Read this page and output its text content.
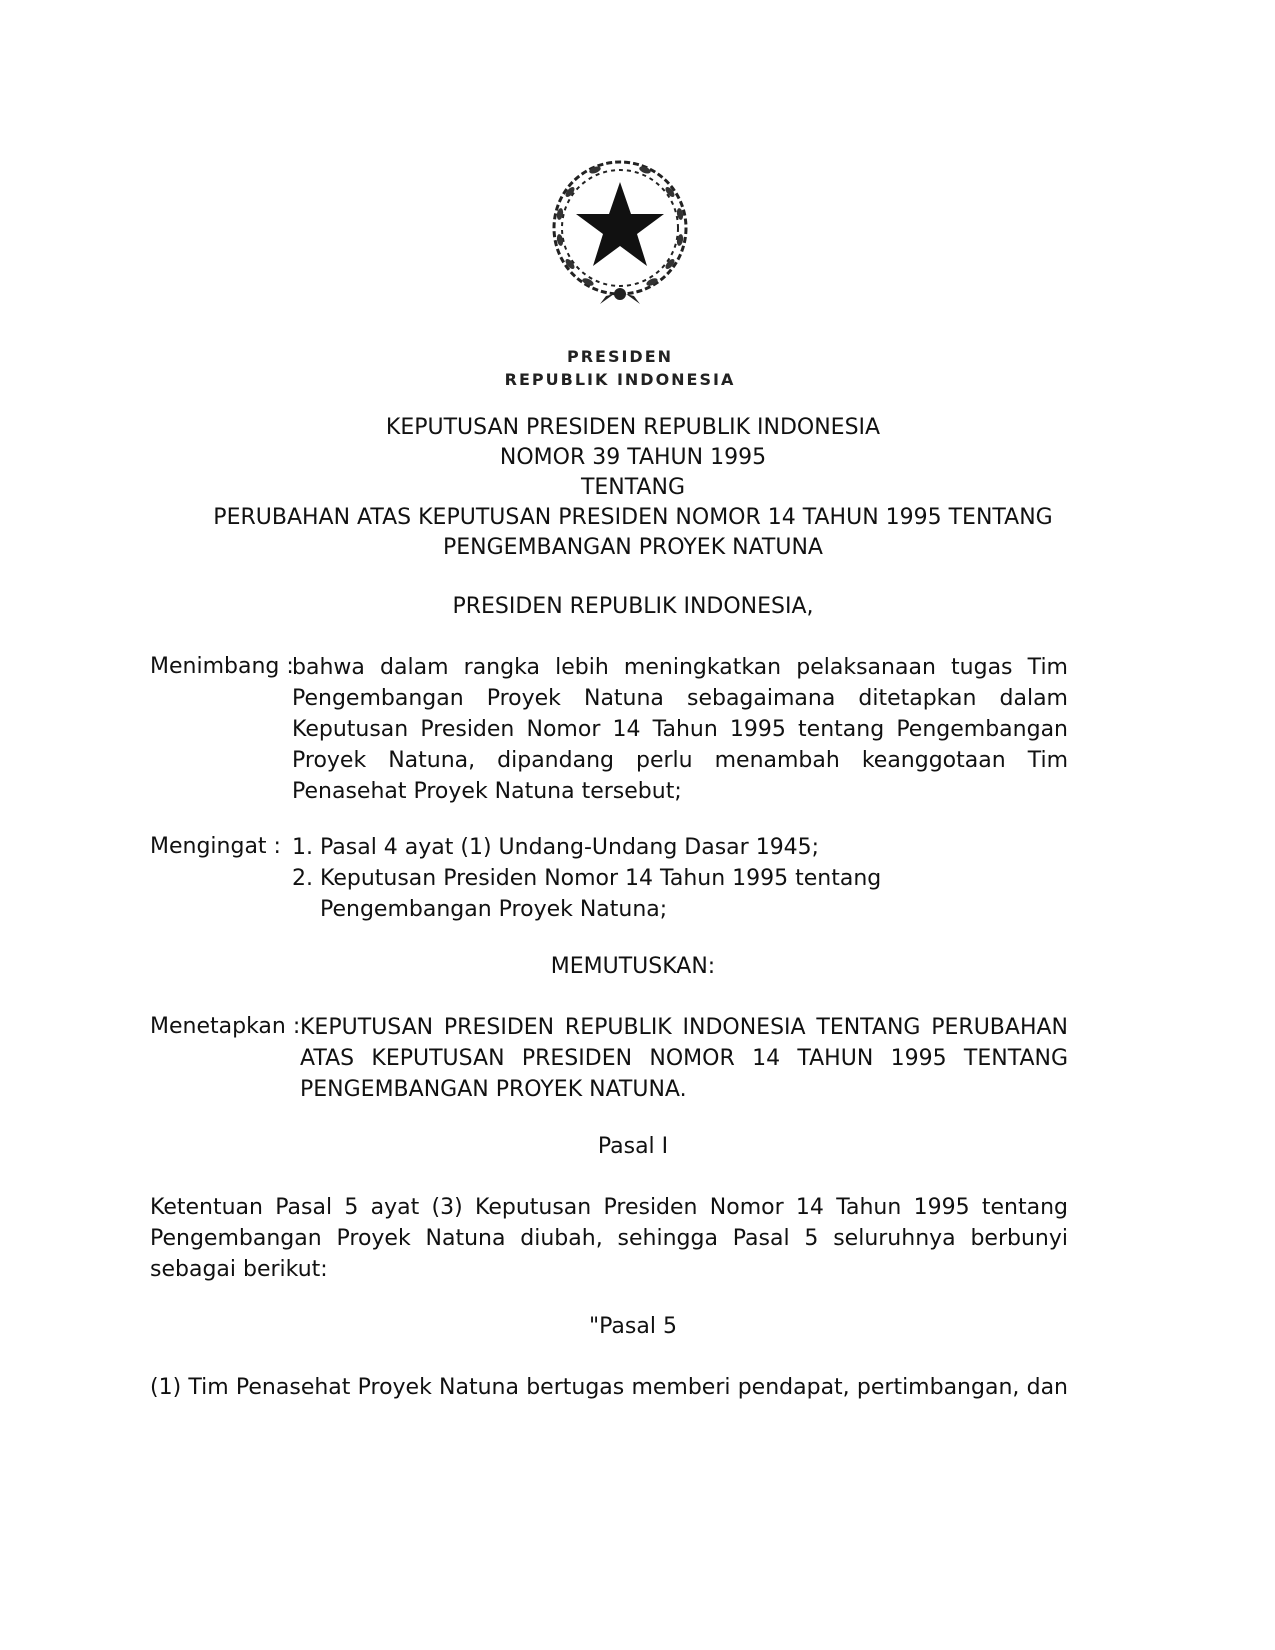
PRESIDEN
REPUBLIK INDONESIA
KEPUTUSAN PRESIDEN REPUBLIK INDONESIA
NOMOR 39 TAHUN 1995
TENTANG
PERUBAHAN ATAS KEPUTUSAN PRESIDEN NOMOR 14 TAHUN 1995 TENTANG
PENGEMBANGAN PROYEK NATUNA
PRESIDEN REPUBLIK INDONESIA,
Menimbang :

bahwa dalam rangka lebih meningkatkan pelaksanaan tugas Tim Pengembangan Proyek Natuna sebagaimana ditetapkan dalam Keputusan Presiden Nomor 14 Tahun 1995 tentang Pengembangan Proyek Natuna, dipandang perlu menambah keanggotaan Tim Penasehat Proyek Natuna tersebut;

Mengingat : 1. Pasal 4 ayat (1) Undang-Undang Dasar 1945;
2. Keputusan Presiden Nomor 14 Tahun 1995 tentang Pengembangan Proyek Natuna;
MEMUTUSKAN:
Menetapkan : KEPUTUSAN PRESIDEN REPUBLIK INDONESIA TENTANG PERUBAHAN ATAS KEPUTUSAN PRESIDEN NOMOR 14 TAHUN 1995 TENTANG PENGEMBANGAN PROYEK NATUNA.

Pasal I

Ketentuan Pasal 5 ayat (3) Keputusan Presiden Nomor 14 Tahun 1995 tentang Pengembangan Proyek Natuna diubah, sehingga Pasal 5 seluruhnya berbunyi sebagai berikut:

"Pasal 5

(1) Tim Penasehat Proyek Natuna bertugas memberi pendapat, pertimbangan, dan
